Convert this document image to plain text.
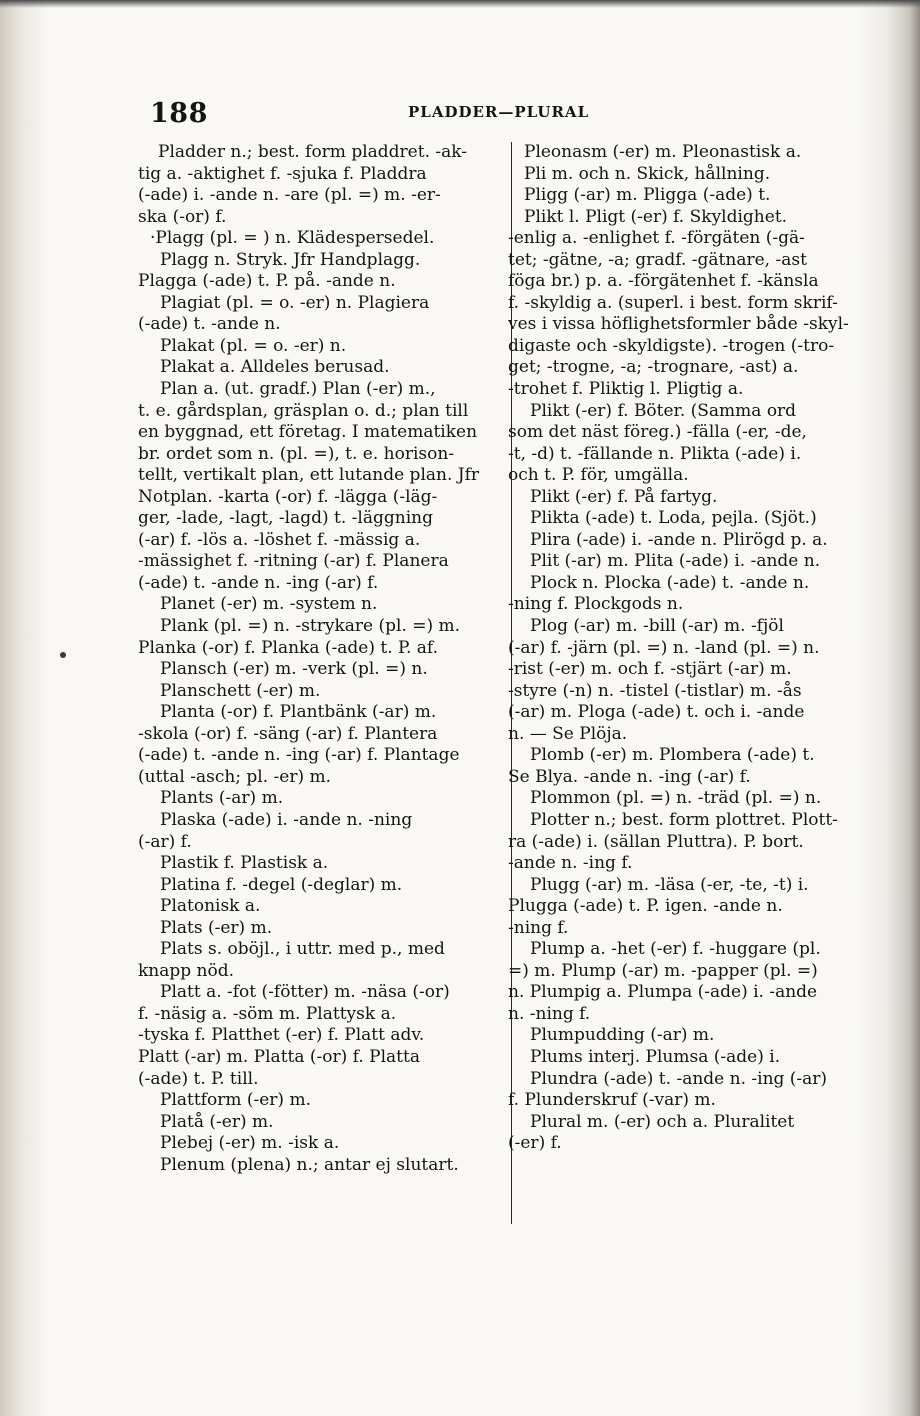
188	PLADDER—PLURAL
Pladder n.; best. form pladdret. -ak-
tig a. -aktighet f. -sjuka f. Pladdra
(-ade) i. -ande n. -are (pl. =) m. -er-
ska (-or) f.
·Plagg (pl. = ) n. Klädespersedel.
Plagg n. Stryk. Jfr Handplagg.
Plagga (-ade) t. P. på. -ande n.
Plagiat (pl. = o. -er) n. Plagiera
(-ade) t. -ande n.
Plakat (pl. = o. -er) n.
Plakat a. Alldeles berusad.
Plan a. (ut. gradf.) Plan (-er) m.,
t. e. gårdsplan, gräsplan o. d.; plan till
en byggnad, ett företag. I matematiken
br. ordet som n. (pl. =), t. e. horison-
tellt, vertikalt plan, ett lutande plan. Jfr
Notplan. -karta (-or) f. -lägga (-läg-
ger, -lade, -lagt, -lagd) t. -läggning
(-ar) f. -lös a. -löshet f. -mässig a.
-mässighet f. -ritning (-ar) f. Planera
(-ade) t. -ande n. -ing (-ar) f.
Planet (-er) m. -system n.
Plank (pl. =) n. -strykare (pl. =) m.
Planka (-or) f. Planka (-ade) t. P. af.
Plansch (-er) m. -verk (pl. =) n.
Planschett (-er) m.
Planta (-or) f. Plantbänk (-ar) m.
-skola (-or) f. -säng (-ar) f. Plantera
(-ade) t. -ande n. -ing (-ar) f. Plantage
(uttal -asch; pl. -er) m.
Plants (-ar) m.
Plaska (-ade) i. -ande n. -ning
(-ar) f.
Plastik f. Plastisk a.
Platina f. -degel (-deglar) m.
Platonisk a.
Plats (-er) m.
Plats s. oböjl., i uttr. med p., med
knapp nöd.
Platt a. -fot (-fötter) m. -näsa (-or)
f. -näsig a. -söm m. Plattysk a.
-tyska f. Platthet (-er) f. Platt adv.
Platt (-ar) m. Platta (-or) f. Platta
(-ade) t. P. till.
Plattform (-er) m.
Platå (-er) m.
Plebej (-er) m. -isk a.
Plenum (plena) n.; antar ej slutart.
Pleonasm (-er) m. Pleonastisk a.
Pli m. och n. Skick, hållning.
Pligg (-ar) m. Pligga (-ade) t.
Plikt l. Pligt (-er) f. Skyldighet.
-enlig a. -enlighet f. -förgäten (-gä-
tet; -gätne, -a; gradf. -gätnare, -ast
föga br.) p. a. -förgätenhet f. -känsla
f. -skyldig a. (superl. i best. form skrif-
ves i vissa höflighetsformler både -skyl-
digaste och -skyldigste). -trogen (-tro-
get; -trogne, -a; -trognare, -ast) a.
-trohet f. Pliktig l. Pligtig a.
Plikt (-er) f. Böter. (Samma ord
som det näst föreg.) -fälla (-er, -de,
-t, -d) t. -fällande n. Plikta (-ade) i.
och t. P. för, umgälla.
Plikt (-er) f. På fartyg.
Plikta (-ade) t. Loda, pejla. (Sjöt.)
Plira (-ade) i. -ande n. Plirögd p. a.
Plit (-ar) m. Plita (-ade) i. -ande n.
Plock n. Plocka (-ade) t. -ande n.
-ning f. Plockgods n.
Plog (-ar) m. -bill (-ar) m. -fjöl
(-ar) f. -järn (pl. =) n. -land (pl. =) n.
-rist (-er) m. och f. -stjärt (-ar) m.
-styre (-n) n. -tistel (-tistlar) m. -ås
(-ar) m. Ploga (-ade) t. och i. -ande
n. — Se Plöja.
Plomb (-er) m. Plombera (-ade) t.
Se Blya. -ande n. -ing (-ar) f.
Plommon (pl. =) n. -träd (pl. =) n.
Plotter n.; best. form plottret. Plott-
ra (-ade) i. (sällan Pluttra). P. bort.
-ande n. -ing f.
Plugg (-ar) m. -läsa (-er, -te, -t) i.
Plugga (-ade) t. P. igen. -ande n.
-ning f.
Plump a. -het (-er) f. -huggare (pl.
=) m. Plump (-ar) m. -papper (pl. =)
n. Plumpig a. Plumpa (-ade) i. -ande
n. -ning f.
Plumpudding (-ar) m.
Plums interj. Plumsa (-ade) i.
Plundra (-ade) t. -ande n. -ing (-ar)
f. Plunderskruf (-var) m.
Plural m. (-er) och a. Pluralitet
(-er) f.
